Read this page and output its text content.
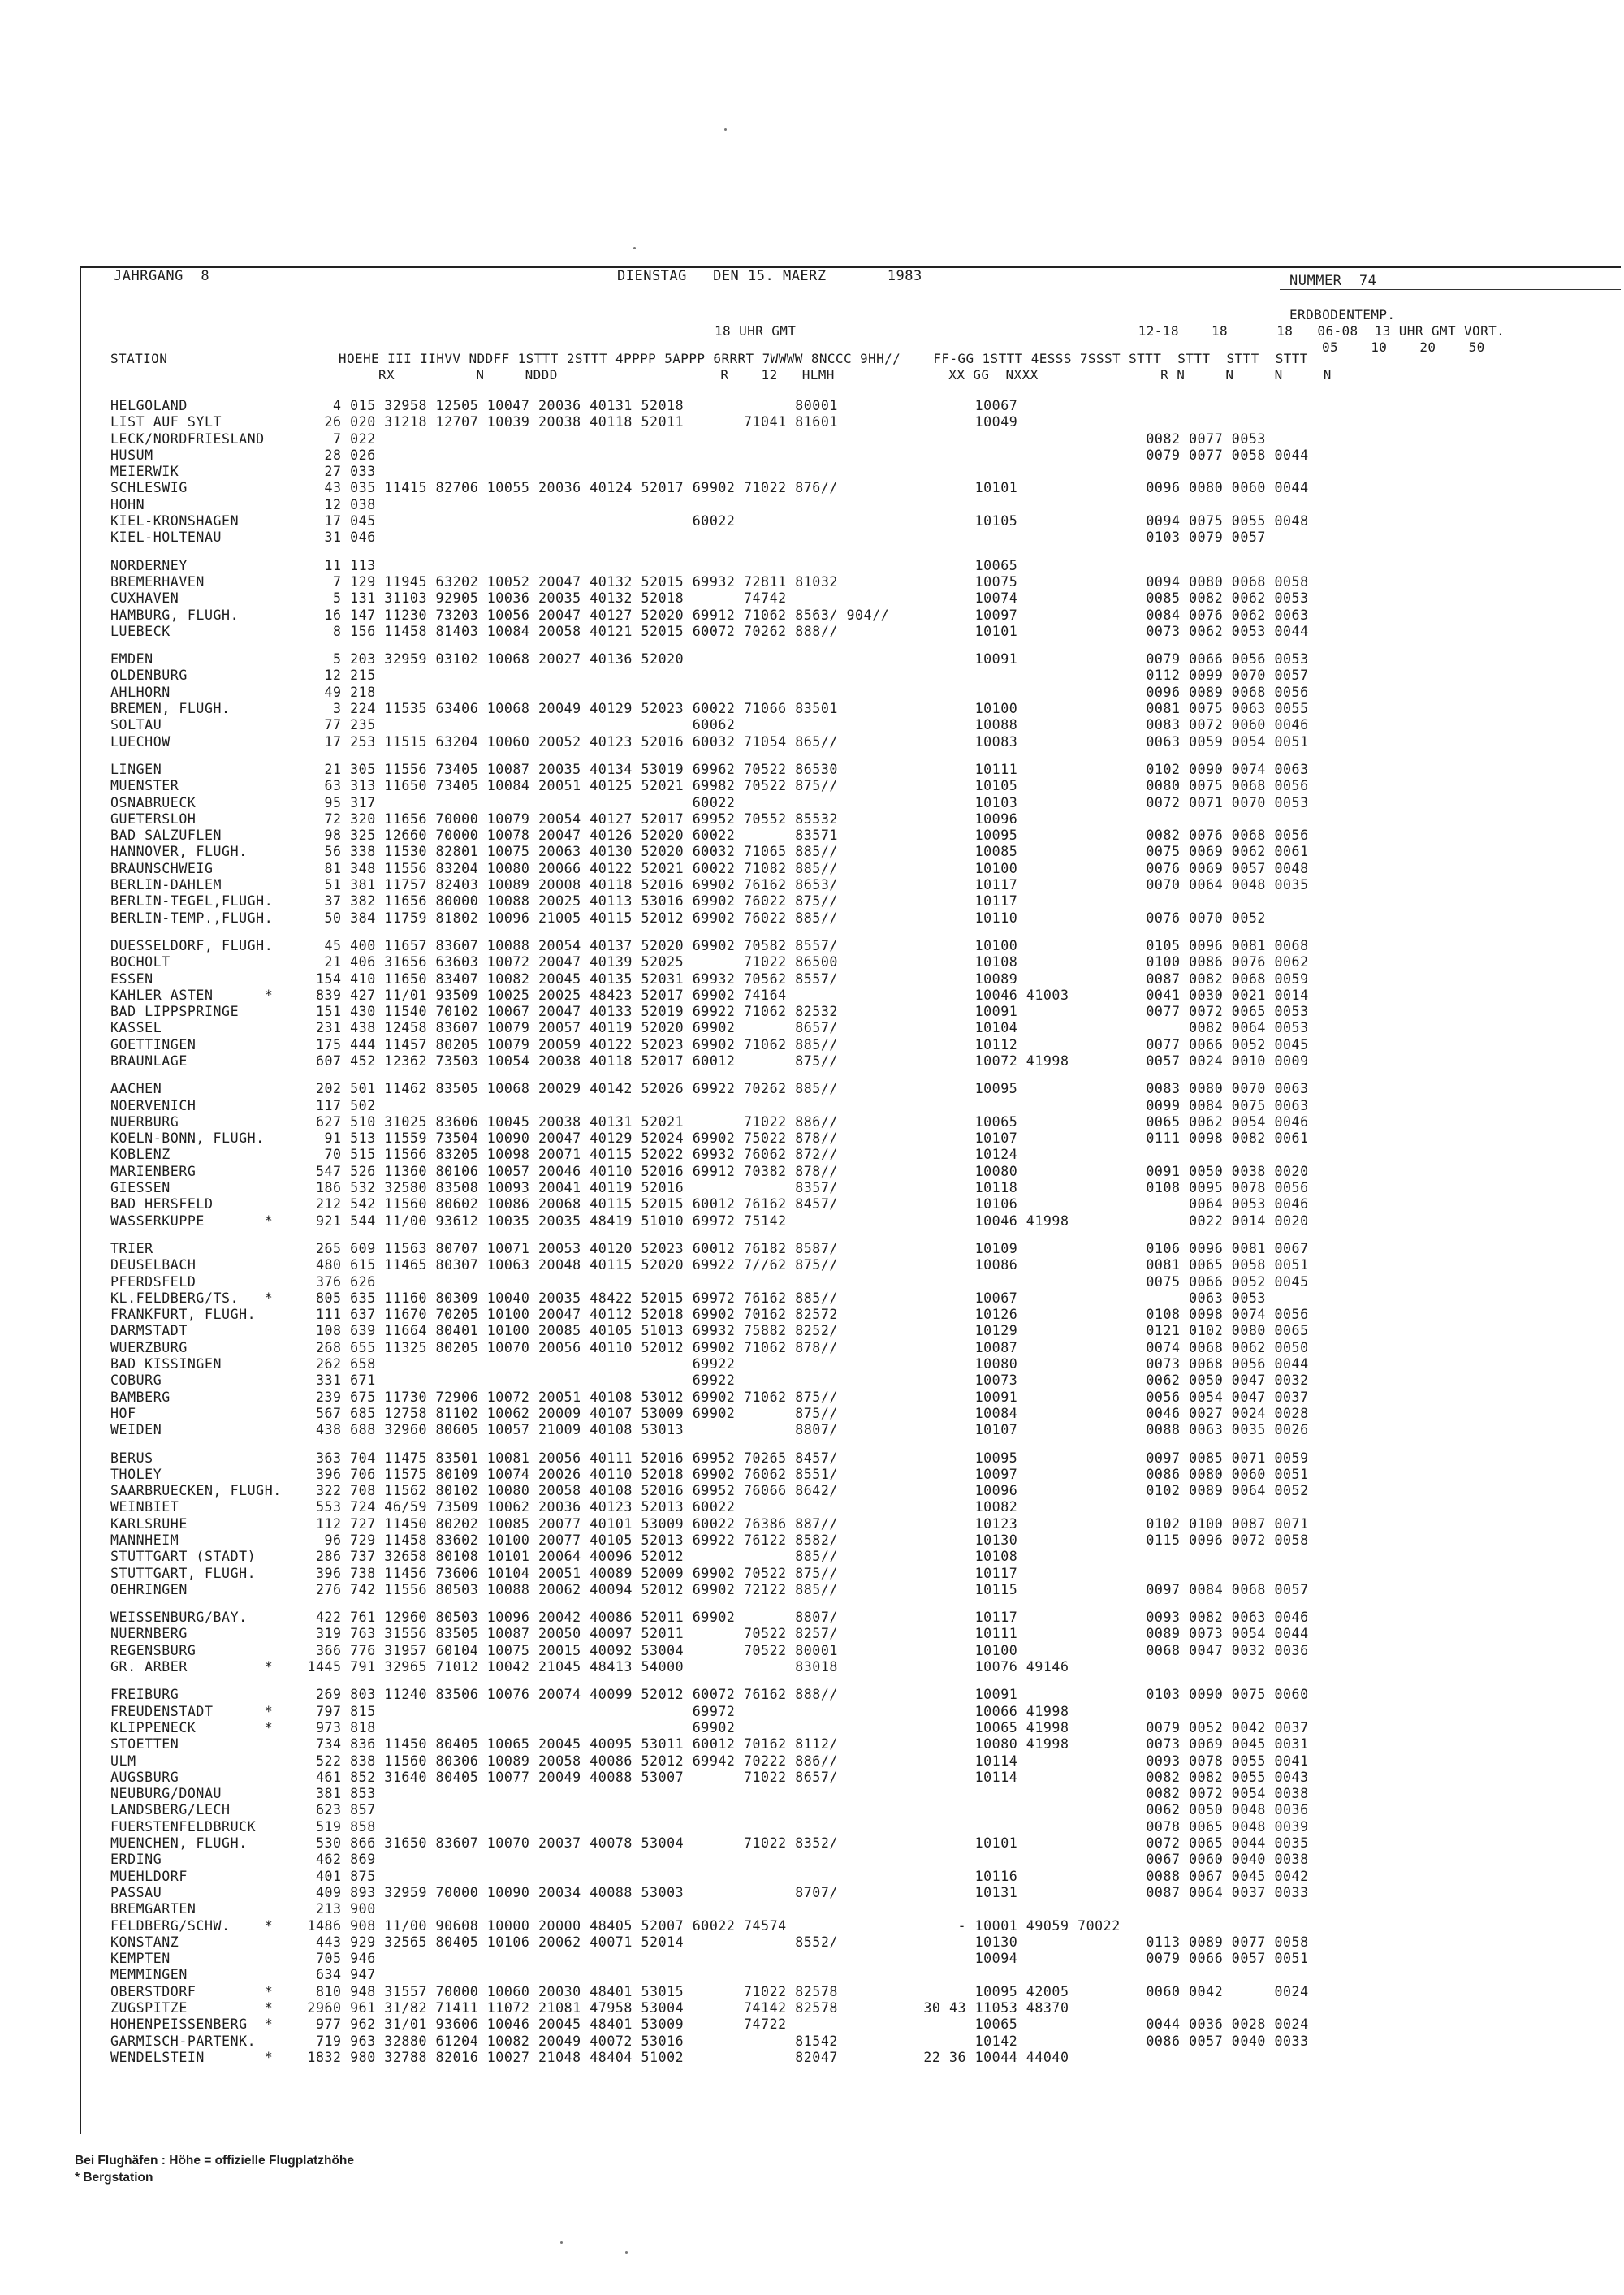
JAHRGANG  8	DIENSTAG   DEN 15. MAERZ       1983	NUMMER  74
ERDBODENTEMP.
18 UHR GMT                                          12-18    18      18   06-08  13 UHR GMT VORT.
05    10    20    50
STATION                     HOEHE III IIHVV NDDFF 1STTT 2STTT 4PPPP 5APPP 6RRRT 7WWWW 8NCCC 9HH//    FF-GG 1STTT 4ESSS 7SSST STTT  STTT  STTT  STTT
RX          N     NDDD                    R    12   HLMH              XX GG  NXXX               R N     N     N     N
HELGOLAND                 4 015 32958 12505 10047 20036 40131 52018             80001                10067
LIST AUF SYLT            26 020 31218 12707 10039 20038 40118 52011       71041 81601                10049
LECK/NORDFRIESLAND        7 022                                                                                          0082 0077 0053
HUSUM                    28 026                                                                                          0079 0077 0058 0044
MEIERWIK                 27 033
SCHLESWIG                43 035 11415 82706 10055 20036 40124 52017 69902 71022 876//                10101               0096 0080 0060 0044
HOHN                     12 038
KIEL-KRONSHAGEN          17 045                                     60022                            10105               0094 0075 0055 0048
KIEL-HOLTENAU            31 046                                                                                          0103 0079 0057
NORDERNEY                11 113                                                                      10065
BREMERHAVEN               7 129 11945 63202 10052 20047 40132 52015 69932 72811 81032                10075               0094 0080 0068 0058
CUXHAVEN                  5 131 31103 92905 10036 20035 40132 52018       74742                      10074               0085 0082 0062 0053
HAMBURG, FLUGH.          16 147 11230 73203 10056 20047 40127 52020 69912 71062 8563/ 904//          10097               0084 0076 0062 0063
LUEBECK                   8 156 11458 81403 10084 20058 40121 52015 60072 70262 888//                10101               0073 0062 0053 0044
EMDEN                     5 203 32959 03102 10068 20027 40136 52020                                  10091               0079 0066 0056 0053
OLDENBURG                12 215                                                                                          0112 0099 0070 0057
AHLHORN                  49 218                                                                                          0096 0089 0068 0056
BREMEN, FLUGH.            3 224 11535 63406 10068 20049 40129 52023 60022 71066 83501                10100               0081 0075 0063 0055
SOLTAU                   77 235                                     60062                            10088               0083 0072 0060 0046
LUECHOW                  17 253 11515 63204 10060 20052 40123 52016 60032 71054 865//                10083               0063 0059 0054 0051
LINGEN                   21 305 11556 73405 10087 20035 40134 53019 69962 70522 86530                10111               0102 0090 0074 0063
MUENSTER                 63 313 11650 73405 10084 20051 40125 52021 69982 70522 875//                10105               0080 0075 0068 0056
OSNABRUECK               95 317                                     60022                            10103               0072 0071 0070 0053
GUETERSLOH               72 320 11656 70000 10079 20054 40127 52017 69952 70552 85532                10096
BAD SALZUFLEN            98 325 12660 70000 10078 20047 40126 52020 60022       83571                10095               0082 0076 0068 0056
HANNOVER, FLUGH.         56 338 11530 82801 10075 20063 40130 52020 60032 71065 885//                10085               0075 0069 0062 0061
BRAUNSCHWEIG             81 348 11556 83204 10080 20066 40122 52021 60022 71082 885//                10100               0076 0069 0057 0048
BERLIN-DAHLEM            51 381 11757 82403 10089 20008 40118 52016 69902 76162 8653/                10117               0070 0064 0048 0035
BERLIN-TEGEL,FLUGH.      37 382 11656 80000 10088 20025 40113 53016 69902 76022 875//                10117
BERLIN-TEMP.,FLUGH.      50 384 11759 81802 10096 21005 40115 52012 69902 76022 885//                10110               0076 0070 0052
DUESSELDORF, FLUGH.      45 400 11657 83607 10088 20054 40137 52020 69902 70582 8557/                10100               0105 0096 0081 0068
BOCHOLT                  21 406 31656 63603 10072 20047 40139 52025       71022 86500                10108               0100 0086 0076 0062
ESSEN                   154 410 11650 83407 10082 20045 40135 52031 69932 70562 8557/                10089               0087 0082 0068 0059
KAHLER ASTEN      *     839 427 11/01 93509 10025 20025 48423 52017 69902 74164                      10046 41003         0041 0030 0021 0014
BAD LIPPSPRINGE         151 430 11540 70102 10067 20047 40133 52019 69922 71062 82532                10091               0077 0072 0065 0053
KASSEL                  231 438 12458 83607 10079 20057 40119 52020 69902       8657/                10104                    0082 0064 0053
GOETTINGEN              175 444 11457 80205 10079 20059 40122 52023 69902 71062 885//                10112               0077 0066 0052 0045
BRAUNLAGE               607 452 12362 73503 10054 20038 40118 52017 60012       875//                10072 41998         0057 0024 0010 0009
AACHEN                  202 501 11462 83505 10068 20029 40142 52026 69922 70262 885//                10095               0083 0080 0070 0063
NOERVENICH              117 502                                                                                          0099 0084 0075 0063
NUERBURG                627 510 31025 83606 10045 20038 40131 52021       71022 886//                10065               0065 0062 0054 0046
KOELN-BONN, FLUGH.       91 513 11559 73504 10090 20047 40129 52024 69902 75022 878//                10107               0111 0098 0082 0061
KOBLENZ                  70 515 11566 83205 10098 20071 40115 52022 69932 76062 872//                10124
MARIENBERG              547 526 11360 80106 10057 20046 40110 52016 69912 70382 878//                10080               0091 0050 0038 0020
GIESSEN                 186 532 32580 83508 10093 20041 40119 52016             8357/                10118               0108 0095 0078 0056
BAD HERSFELD            212 542 11560 80602 10086 20068 40115 52015 60012 76162 8457/                10106                    0064 0053 0046
WASSERKUPPE       *     921 544 11/00 93612 10035 20035 48419 51010 69972 75142                      10046 41998              0022 0014 0020
TRIER                   265 609 11563 80707 10071 20053 40120 52023 60012 76182 8587/                10109               0106 0096 0081 0067
DEUSELBACH              480 615 11465 80307 10063 20048 40115 52020 69922 7//62 875//                10086               0081 0065 0058 0051
PFERDSFELD              376 626                                                                                          0075 0066 0052 0045
KL.FELDBERG/TS.   *     805 635 11160 80309 10040 20035 48422 52015 69972 76162 885//                10067                    0063 0053
FRANKFURT, FLUGH.       111 637 11670 70205 10100 20047 40112 52018 69902 70162 82572                10126               0108 0098 0074 0056
DARMSTADT               108 639 11664 80401 10100 20085 40105 51013 69932 75882 8252/                10129               0121 0102 0080 0065
WUERZBURG               268 655 11325 80205 10070 20056 40110 52012 69902 71062 878//                10087               0074 0068 0062 0050
BAD KISSINGEN           262 658                                     69922                            10080               0073 0068 0056 0044
COBURG                  331 671                                     69922                            10073               0062 0050 0047 0032
BAMBERG                 239 675 11730 72906 10072 20051 40108 53012 69902 71062 875//                10091               0056 0054 0047 0037
HOF                     567 685 12758 81102 10062 20009 40107 53009 69902       875//                10084               0046 0027 0024 0028
WEIDEN                  438 688 32960 80605 10057 21009 40108 53013             8807/                10107               0088 0063 0035 0026
BERUS                   363 704 11475 83501 10081 20056 40111 52016 69952 70265 8457/                10095               0097 0085 0071 0059
THOLEY                  396 706 11575 80109 10074 20026 40110 52018 69902 76062 8551/                10097               0086 0080 0060 0051
SAARBRUECKEN, FLUGH.    322 708 11562 80102 10080 20058 40108 52016 69952 76066 8642/                10096               0102 0089 0064 0052
WEINBIET                553 724 46/59 73509 10062 20036 40123 52013 60022                            10082
KARLSRUHE               112 727 11450 80202 10085 20077 40101 53009 60022 76386 887//                10123               0102 0100 0087 0071
MANNHEIM                 96 729 11458 83602 10100 20077 40105 52013 69922 76122 8582/                10130               0115 0096 0072 0058
STUTTGART (STADT)       286 737 32658 80108 10101 20064 40096 52012             885//                10108
STUTTGART, FLUGH.       396 738 11456 73606 10104 20051 40089 52009 69902 70522 875//                10117
OEHRINGEN               276 742 11556 80503 10088 20062 40094 52012 69902 72122 885//                10115               0097 0084 0068 0057
WEISSENBURG/BAY.        422 761 12960 80503 10096 20042 40086 52011 69902       8807/                10117               0093 0082 0063 0046
NUERNBERG               319 763 31556 83505 10087 20050 40097 52011       70522 8257/                10111               0089 0073 0054 0044
REGENSBURG              366 776 31957 60104 10075 20015 40092 53004       70522 80001                10100               0068 0047 0032 0036
GR. ARBER         *    1445 791 32965 71012 10042 21045 48413 54000             83018                10076 49146
FREIBURG                269 803 11240 83506 10076 20074 40099 52012 60072 76162 888//                10091               0103 0090 0075 0060
FREUDENSTADT      *     797 815                                     69972                            10066 41998
KLIPPENECK        *     973 818                                     69902                            10065 41998         0079 0052 0042 0037
STOETTEN                734 836 11450 80405 10065 20045 40095 53011 60012 70162 8112/                10080 41998         0073 0069 0045 0031
ULM                     522 838 11560 80306 10089 20058 40086 52012 69942 70222 886//                10114               0093 0078 0055 0041
AUGSBURG                461 852 31640 80405 10077 20049 40088 53007       71022 8657/                10114               0082 0082 0055 0043
NEUBURG/DONAU           381 853                                                                                          0082 0072 0054 0038
LANDSBERG/LECH          623 857                                                                                          0062 0050 0048 0036
FUERSTENFELDBRUCK       519 858                                                                                          0078 0065 0048 0039
MUENCHEN, FLUGH.        530 866 31650 83607 10070 20037 40078 53004       71022 8352/                10101               0072 0065 0044 0035
ERDING                  462 869                                                                                          0067 0060 0040 0038
MUEHLDORF               401 875                                                                      10116               0088 0067 0045 0042
PASSAU                  409 893 32959 70000 10090 20034 40088 53003             8707/                10131               0087 0064 0037 0033
BREMGARTEN              213 900
FELDBERG/SCHW.    *    1486 908 11/00 90608 10000 20000 48405 52007 60022 74574                    - 10001 49059 70022
KONSTANZ                443 929 32565 80405 10106 20062 40071 52014             8552/                10130               0113 0089 0077 0058
KEMPTEN                 705 946                                                                      10094               0079 0066 0057 0051
MEMMINGEN               634 947
OBERSTDORF        *     810 948 31557 70000 10060 20030 48401 53015       71022 82578                10095 42005         0060 0042      0024
ZUGSPITZE         *    2960 961 31/82 71411 11072 21081 47958 53004       74142 82578          30 43 11053 48370
HOHENPEISSENBERG  *     977 962 31/01 93606 10046 20045 48401 53009       74722                      10065               0044 0036 0028 0024
GARMISCH-PARTENK.       719 963 32880 61204 10082 20049 40072 53016             81542                10142               0086 0057 0040 0033
WENDELSTEIN       *    1832 980 32788 82016 10027 21048 48404 51002             82047          22 36 10044 44040
Bei Flughäfen : Höhe = offizielle Flugplatzhöhe
* Bergstation
